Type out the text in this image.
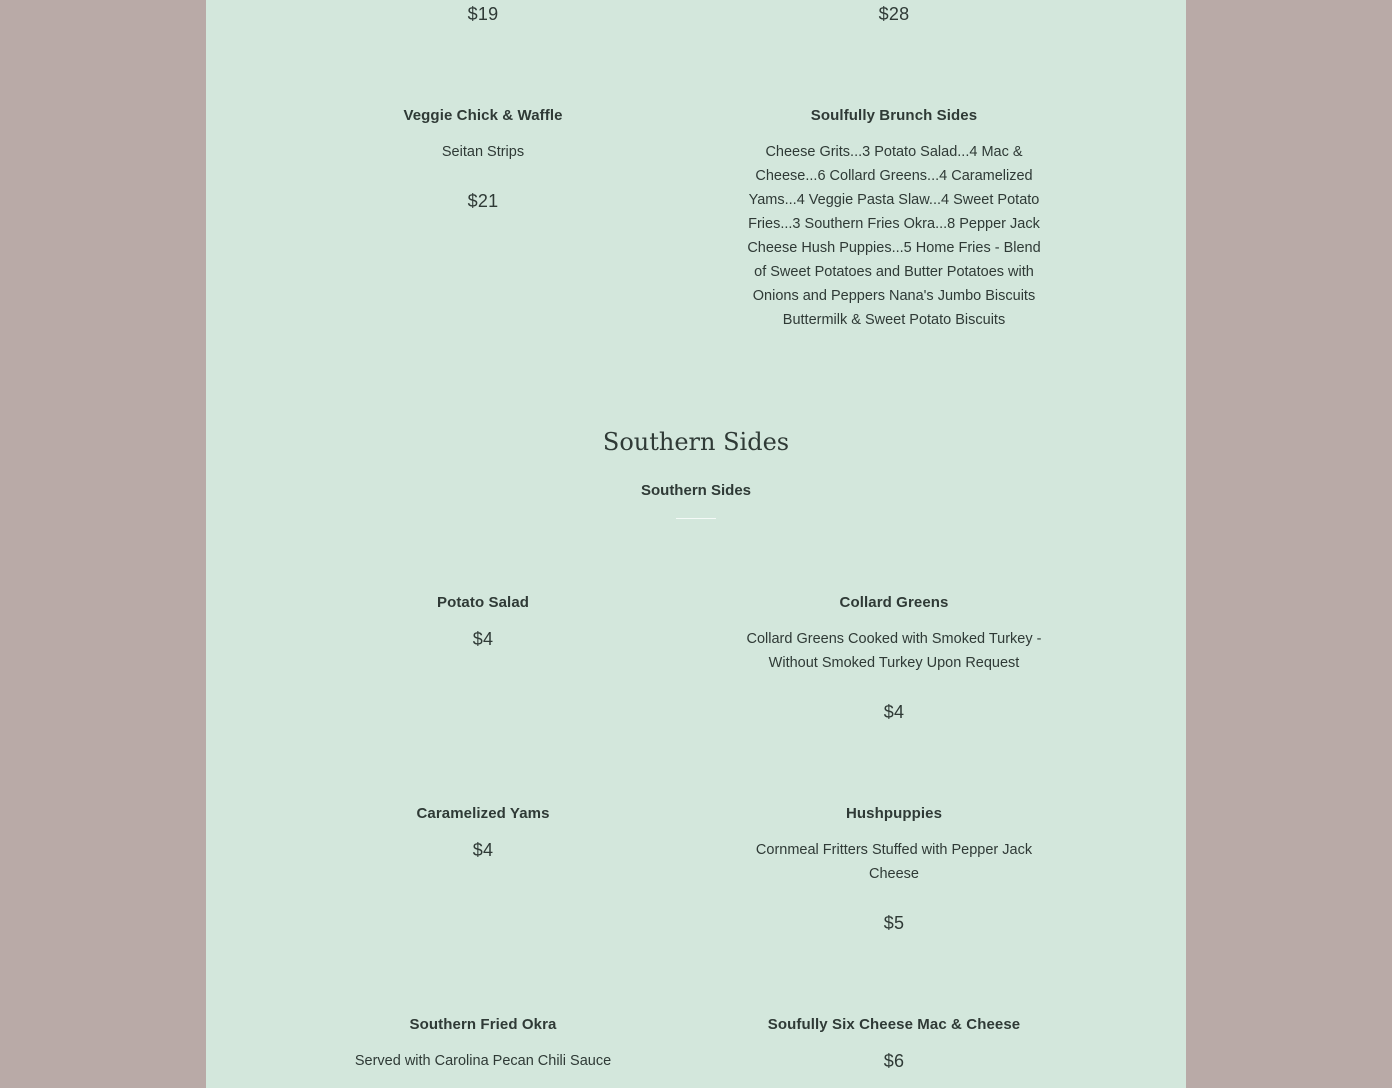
$19	$28
Veggie Chick & Waffle
Seitan Strips
$21
Soulfully Brunch Sides
Cheese Grits...3 Potato Salad...4 Mac & Cheese...6 Collard Greens...4 Caramelized Yams...4 Veggie Pasta Slaw...4 Sweet Potato Fries...3 Southern Fries Okra...8 Pepper Jack Cheese Hush Puppies...5 Home Fries - Blend of Sweet Potatoes and Butter Potatoes with Onions and Peppers Nana's Jumbo Biscuits Buttermilk & Sweet Potato Biscuits
Southern Sides
Southern Sides
Potato Salad
$4
Collard Greens
Collard Greens Cooked with Smoked Turkey - Without Smoked Turkey Upon Request
$4
Caramelized Yams
$4
Hushpuppies
Cornmeal Fritters Stuffed with Pepper Jack Cheese
$5
Southern Fried Okra
Served with Carolina Pecan Chili Sauce
Soufully Six Cheese Mac & Cheese
$6
